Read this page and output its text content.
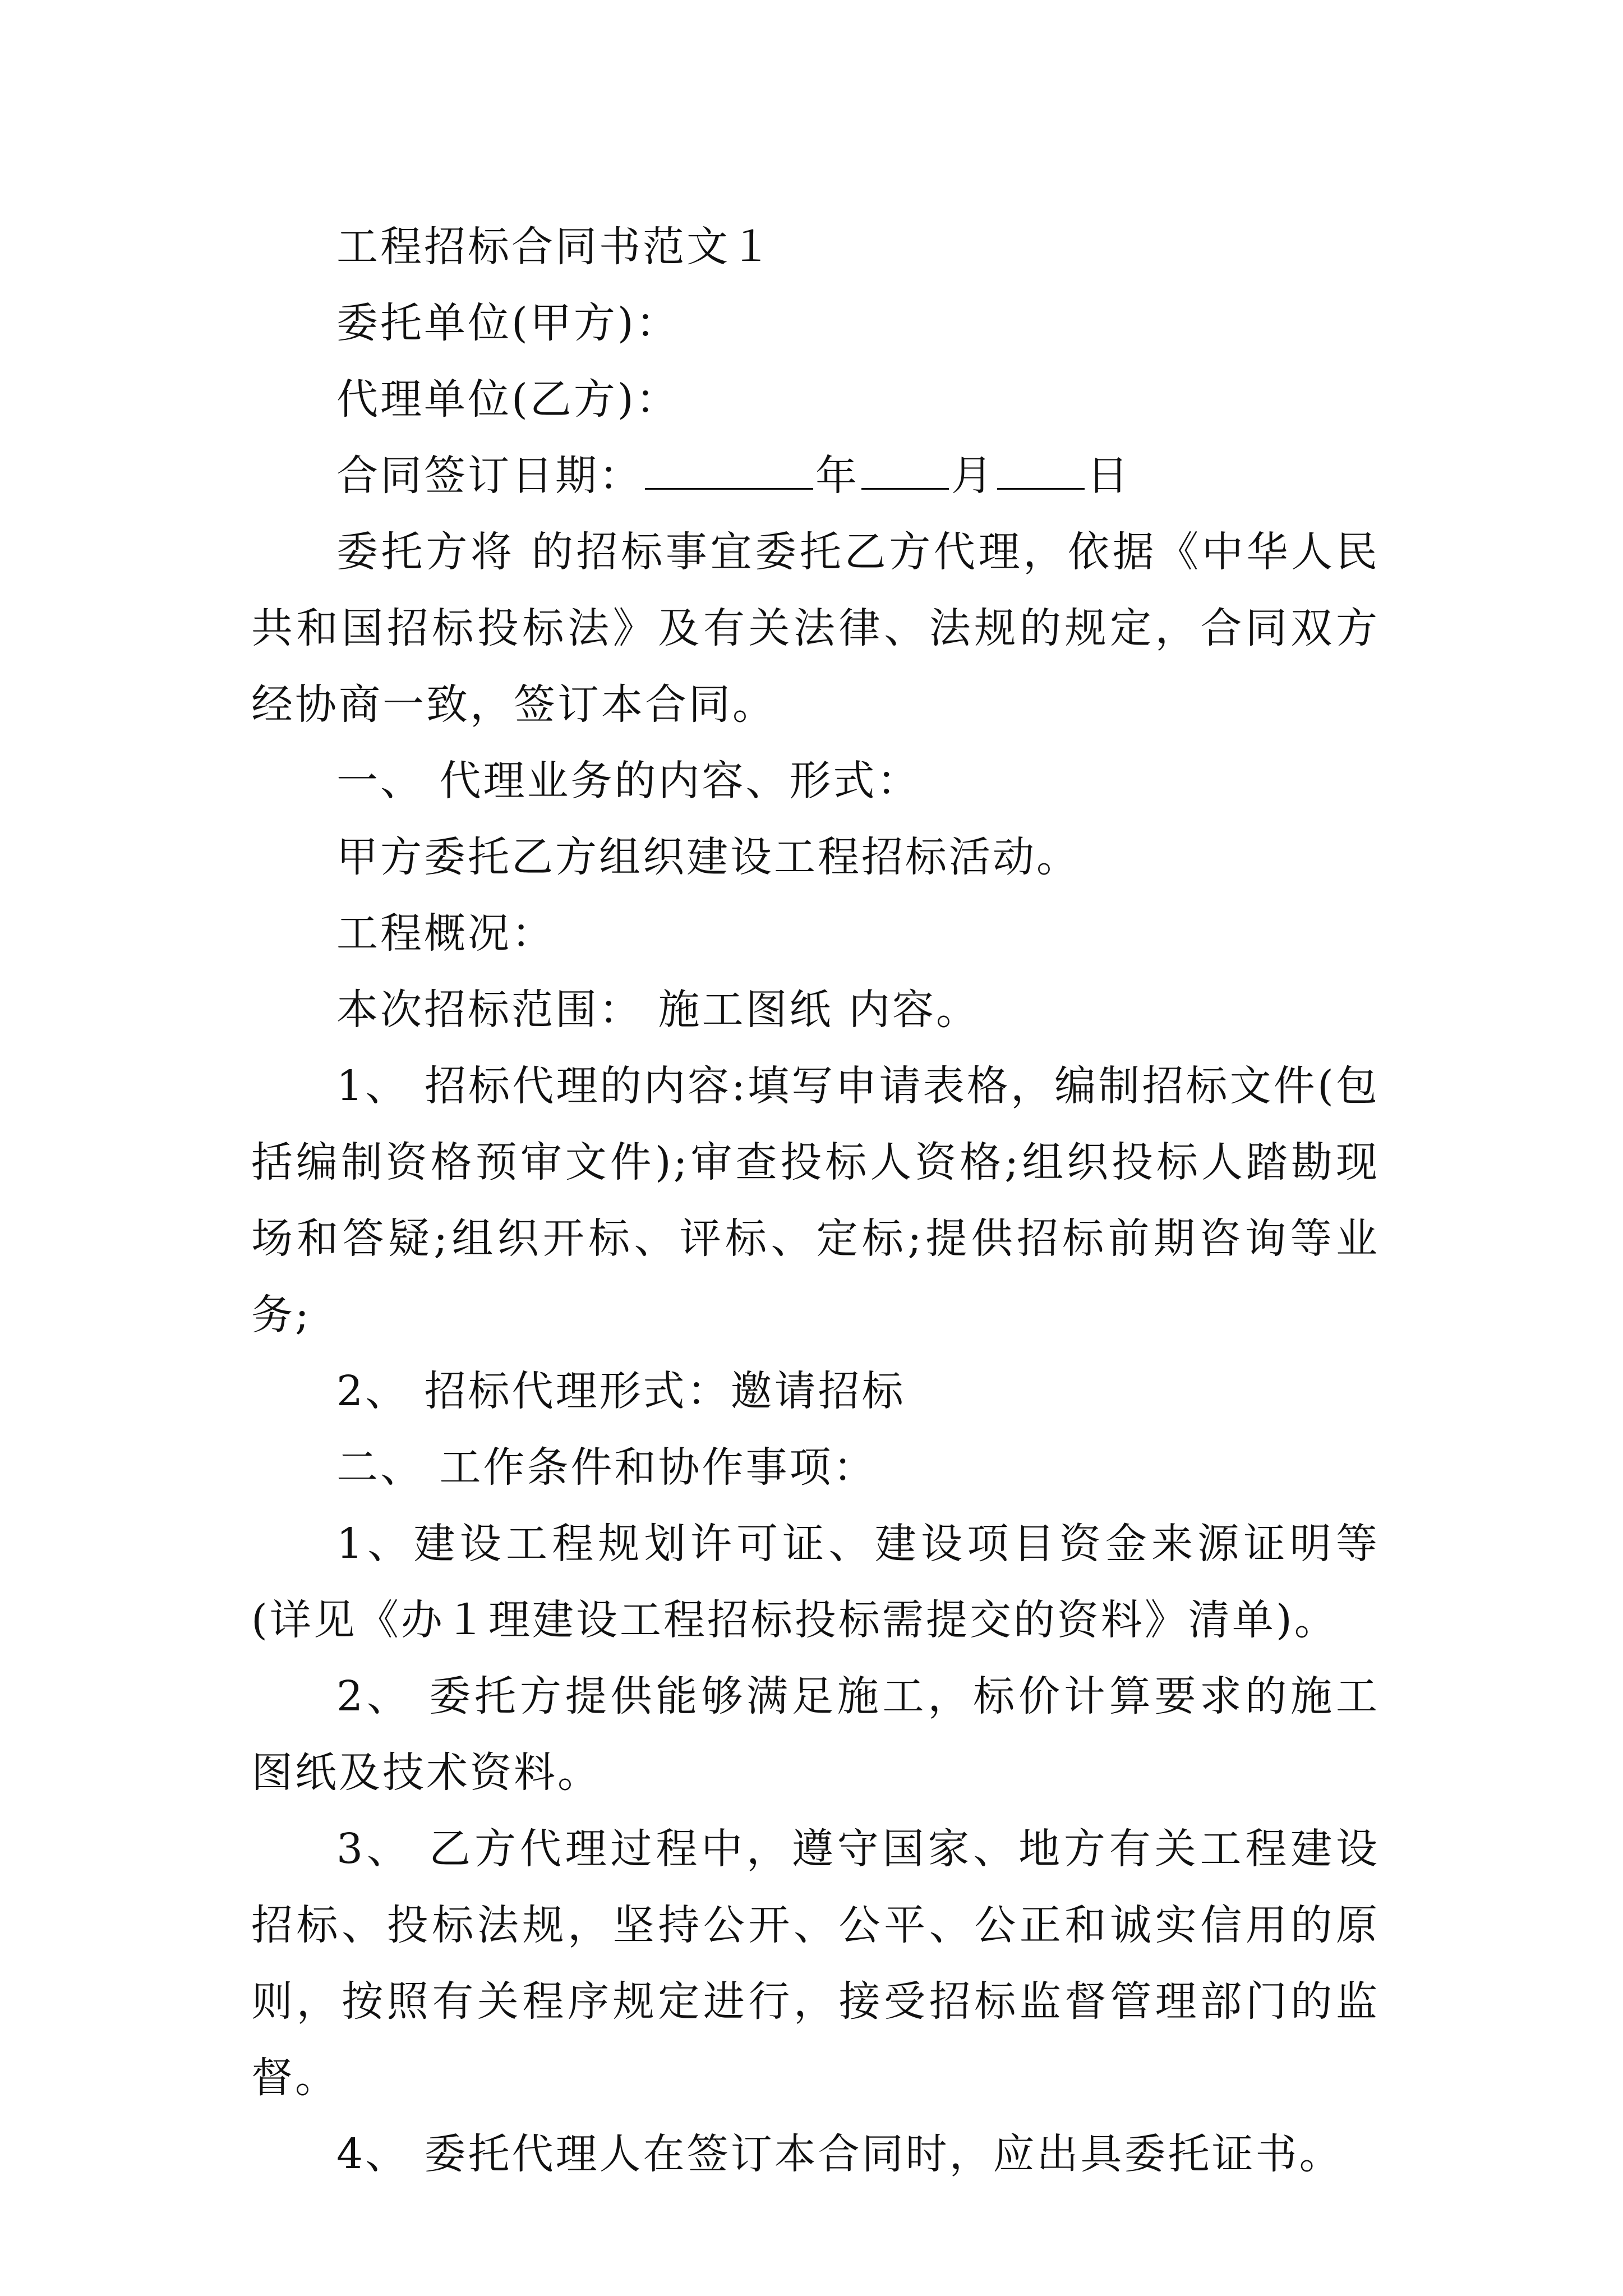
工程招标合同书范文１

委托单位(甲方)：

代理单位(乙方)：

合同签订日期：	年 月 日

委托方将 的招标事宜委托乙方代理，依据《中华人民共和国招标投标法》及有关法律、法规的规定，合同双方经协商一致，签订本合同。

一、 代理业务的内容、形式：

甲方委托乙方组织建设工程招标活动。

工程概况：

本次招标范围： 施工图纸 内容。

1、 招标代理的内容:填写申请表格，编制招标文件(包括编制资格预审文件);审查投标人资格;组织投标人踏勘现场和答疑;组织开标、评标、定标;提供招标前期咨询等业务;

2、 招标代理形式：邀请招标

二、 工作条件和协作事项：

1、建设工程规划许可证、建设项目资金来源证明等(详见《办１理建设工程招标投标需提交的资料》清单)。

2、 委托方提供能够满足施工，标价计算要求的施工图纸及技术资料。

3、 乙方代理过程中，遵守国家、地方有关工程建设招标、投标法规，坚持公开、公平、公正和诚实信用的原则，按照有关程序规定进行，接受招标监督管理部门的监督。

4、 委托代理人在签订本合同时，应出具委托证书。
